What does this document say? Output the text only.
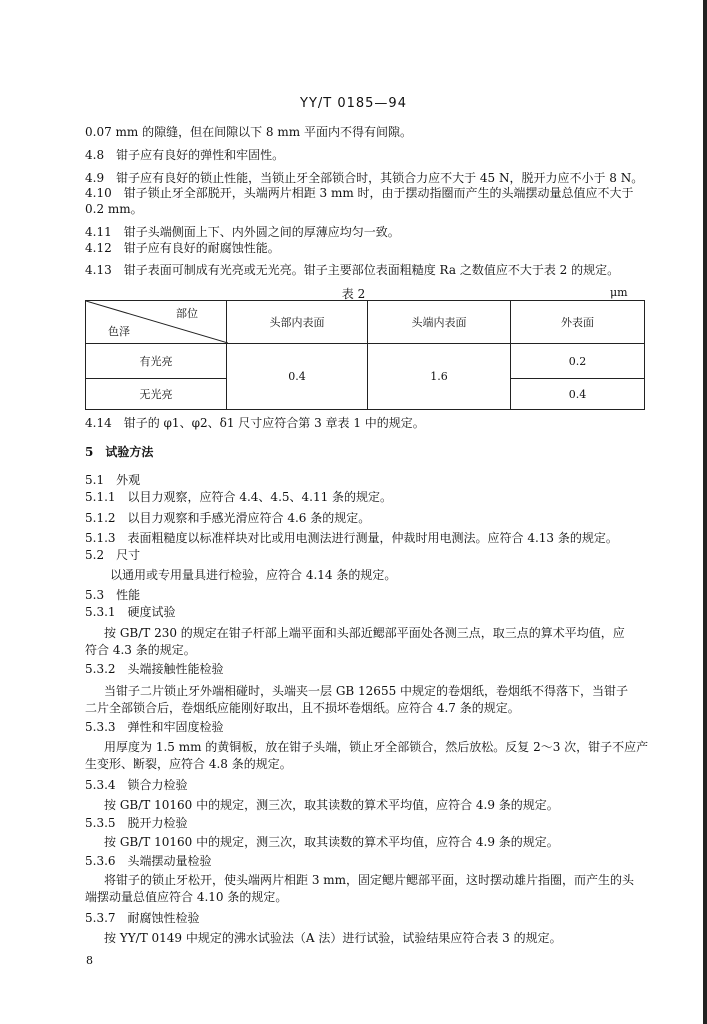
YY/T 0185—94
0.07 mm 的隙缝，但在间隙以下 8 mm 平面内不得有间隙。
4.8　钳子应有良好的弹性和牢固性。
4.9　钳子应有良好的锁止性能，当锁止牙全部锁合时，其锁合力应不大于 45 N，脱开力应不小于 8 N。
4.10　钳子锁止牙全部脱开，头端两片相距 3 mm 时，由于摆动指圈而产生的头端摆动量总值应不大于
0.2 mm。
4.11　钳子头端侧面上下、内外圆之间的厚薄应均匀一致。
4.12　钳子应有良好的耐腐蚀性能。
4.13　钳子表面可制成有光亮或无光亮。钳子主要部位表面粗糙度 Ra 之数值应不大于表 2 的规定。
表 2	μm
部位
色泽	头部内表面	头端内表面	外表面
有光亮	0.4	1.6	0.2
无光亮			0.4
4.14　钳子的 φ1、φ2、δ1 尺寸应符合第 3 章表 1 中的规定。
5　试验方法
5.1　外观
5.1.1　以目力观察，应符合 4.4、4.5、4.11 条的规定。
5.1.2　以目力观察和手感光滑应符合 4.6 条的规定。
5.1.3　表面粗糙度以标准样块对比或用电测法进行测量，仲裁时用电测法。应符合 4.13 条的规定。
5.2　尺寸
以通用或专用量具进行检验，应符合 4.14 条的规定。
5.3　性能
5.3.1　硬度试验
按 GB/T 230 的规定在钳子杆部上端平面和头部近鳃部平面处各测三点，取三点的算术平均值，应
符合 4.3 条的规定。
5.3.2　头端接触性能检验
当钳子二片锁止牙外端相碰时，头端夹一层 GB 12655 中规定的卷烟纸，卷烟纸不得落下，当钳子
二片全部锁合后，卷烟纸应能刚好取出，且不损坏卷烟纸。应符合 4.7 条的规定。
5.3.3　弹性和牢固度检验
用厚度为 1.5 mm 的黄铜板，放在钳子头端，锁止牙全部锁合，然后放松。反复 2～3 次，钳子不应产
生变形、断裂，应符合 4.8 条的规定。
5.3.4　锁合力检验
按 GB/T 10160 中的规定，测三次，取其读数的算术平均值，应符合 4.9 条的规定。
5.3.5　脱开力检验
按 GB/T 10160 中的规定，测三次，取其读数的算术平均值，应符合 4.9 条的规定。
5.3.6　头端摆动量检验
将钳子的锁止牙松开，使头端两片相距 3 mm，固定鳃片鳃部平面，这时摆动雄片指圈，而产生的头
端摆动量总值应符合 4.10 条的规定。
5.3.7　耐腐蚀性检验
按 YY/T 0149 中规定的沸水试验法（A 法）进行试验，试验结果应符合表 3 的规定。
8
